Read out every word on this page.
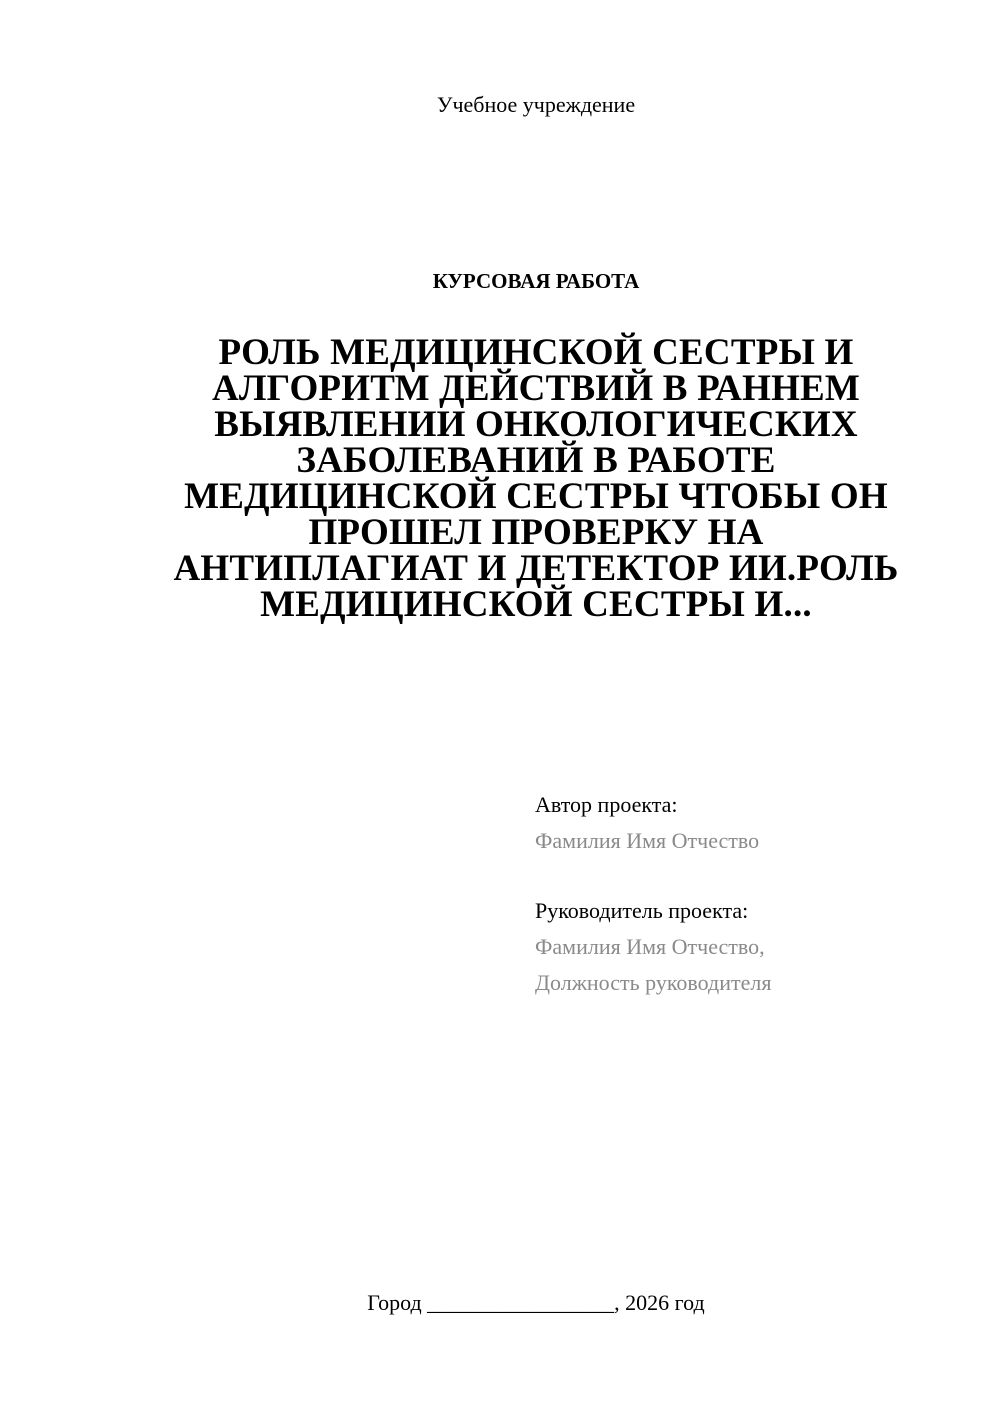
Учебное учреждение
КУРСОВАЯ РАБОТА
РОЛЬ МЕДИЦИНСКОЙ СЕСТРЫ И
АЛГОРИТМ ДЕЙСТВИЙ В РАННЕМ
ВЫЯВЛЕНИИ ОНКОЛОГИЧЕСКИХ
ЗАБОЛЕВАНИЙ В РАБОТЕ
МЕДИЦИНСКОЙ СЕСТРЫ ЧТОБЫ ОН
ПРОШЕЛ ПРОВЕРКУ НА
АНТИПЛАГИАТ И ДЕТЕКТОР ИИ.РОЛЬ
МЕДИЦИНСКОЙ СЕСТРЫ И...
Автор проекта:
Фамилия Имя Отчество
Руководитель проекта:
Фамилия Имя Отчество,
Должность руководителя
Город _________________, 2026 год
